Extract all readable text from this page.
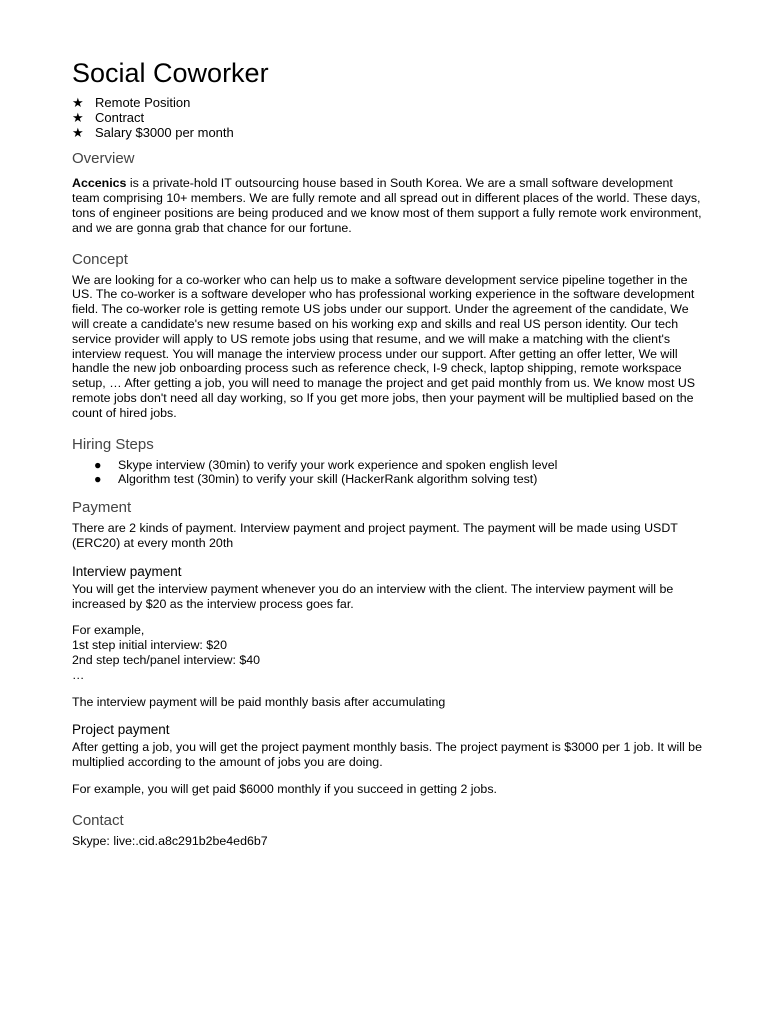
Social Coworker
★ Remote Position
★ Contract
★ Salary $3000 per month
Overview

Accenics is a private-hold IT outsourcing house based in South Korea. We are a small software development team comprising 10+ members. We are fully remote and all spread out in different places of the world. These days, tons of engineer positions are being produced and we know most of them support a fully remote work environment, and we are gonna grab that chance for our fortune.

Concept

We are looking for a co-worker who can help us to make a software development service pipeline together in the US. The co-worker is a software developer who has professional working experience in the software development field. The co-worker role is getting remote US jobs under our support. Under the agreement of the candidate, We will create a candidate's new resume based on his working exp and skills and real US person identity. Our tech service provider will apply to US remote jobs using that resume, and we will make a matching with the client's interview request. You will manage the interview process under our support. After getting an offer letter, We will handle the new job onboarding process such as reference check, I-9 check, laptop shipping, remote workspace setup, … After getting a job, you will need to manage the project and get paid monthly from us. We know most US remote jobs don't need all day working, so If you get more jobs, then your payment will be multiplied based on the count of hired jobs.

Hiring Steps
●	Skype interview (30min) to verify your work experience and spoken english level
●	Algorithm test (30min) to verify your skill (HackerRank algorithm solving test)
Payment

There are 2 kinds of payment. Interview payment and project payment. The payment will be made using USDT (ERC20) at every month 20th

Interview payment

You will get the interview payment whenever you do an interview with the client. The interview payment will be increased by $20 as the interview process goes far.

For example,

1st step initial interview: $20

2nd step tech/panel interview: $40

…

The interview payment will be paid monthly basis after accumulating

Project payment

After getting a job, you will get the project payment monthly basis. The project payment is $3000 per 1 job. It will be multiplied according to the amount of jobs you are doing.

For example, you will get paid $6000 monthly if you succeed in getting 2 jobs.

Contact

Skype: live:.cid.a8c291b2be4ed6b7
